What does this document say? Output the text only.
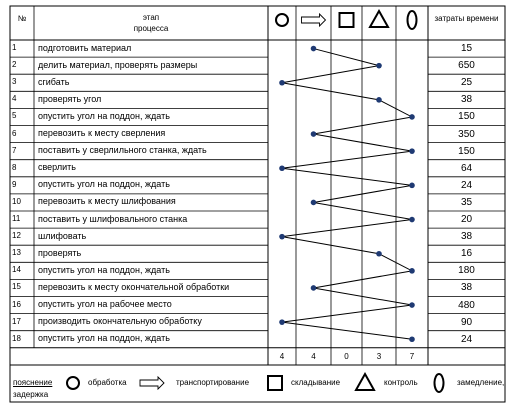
№	этап
процесса
затраты времени
1 подготовить материал	15
2 делить материал, проверять размеры	650
3 сгибать	25
4 проверять угол	38
5 опустить угол на поддон, ждать	150
6 перевозить к месту сверления	350
7 поставить у сверлильного станка, ждать	150
8 сверлить	64
9 опустить угол на поддон, ждать	24
10 перевозить к месту шлифования	35
11 поставить у шлифовального станка	20
12 шлифовать	38
13 проверять	16
14 опустить угол на поддон, ждать	180
15 перевозить к месту окончательной обработки	38
16 опустить угол на рабочее место	480
17 производить окончательную обработку	90
18 опустить угол на поддон, ждать	24
4	4	0	3	7
пояснение
задержка
обработка	транспортирование	складывание	контроль	замедление,
